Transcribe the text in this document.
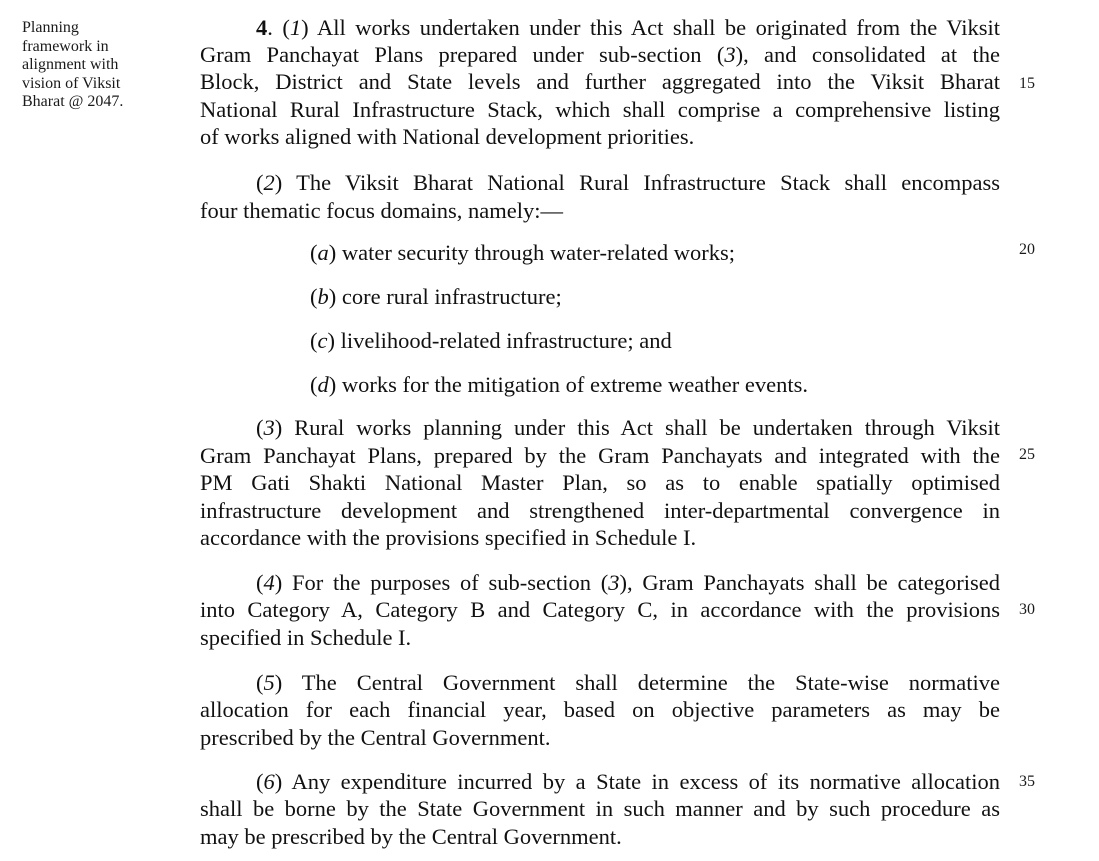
Planning
framework in
alignment with
vision of Viksit
Bharat @ 2047.
4. (1) All works undertaken under this Act shall be originated from the Viksit
Gram Panchayat Plans prepared under sub-section (3), and consolidated at the
Block, District and State levels and further aggregated into the Viksit Bharat
National Rural Infrastructure Stack, which shall comprise a comprehensive listing
of works aligned with National development priorities.
(2) The Viksit Bharat National Rural Infrastructure Stack shall encompass
four thematic focus domains, namely:—
(a) water security through water-related works;
(b) core rural infrastructure;
(c) livelihood-related infrastructure; and
(d) works for the mitigation of extreme weather events.
(3) Rural works planning under this Act shall be undertaken through Viksit
Gram Panchayat Plans, prepared by the Gram Panchayats and integrated with the
PM Gati Shakti National Master Plan, so as to enable spatially optimised
infrastructure development and strengthened inter-departmental convergence in
accordance with the provisions specified in Schedule I.
(4) For the purposes of sub-section (3), Gram Panchayats shall be categorised
into Category A, Category B and Category C, in accordance with the provisions
specified in Schedule I.
(5) The Central Government shall determine the State-wise normative
allocation for each financial year, based on objective parameters as may be
prescribed by the Central Government.
(6) Any expenditure incurred by a State in excess of its normative allocation
shall be borne by the State Government in such manner and by such procedure as
may be prescribed by the Central Government.
15
20
25
30
35
